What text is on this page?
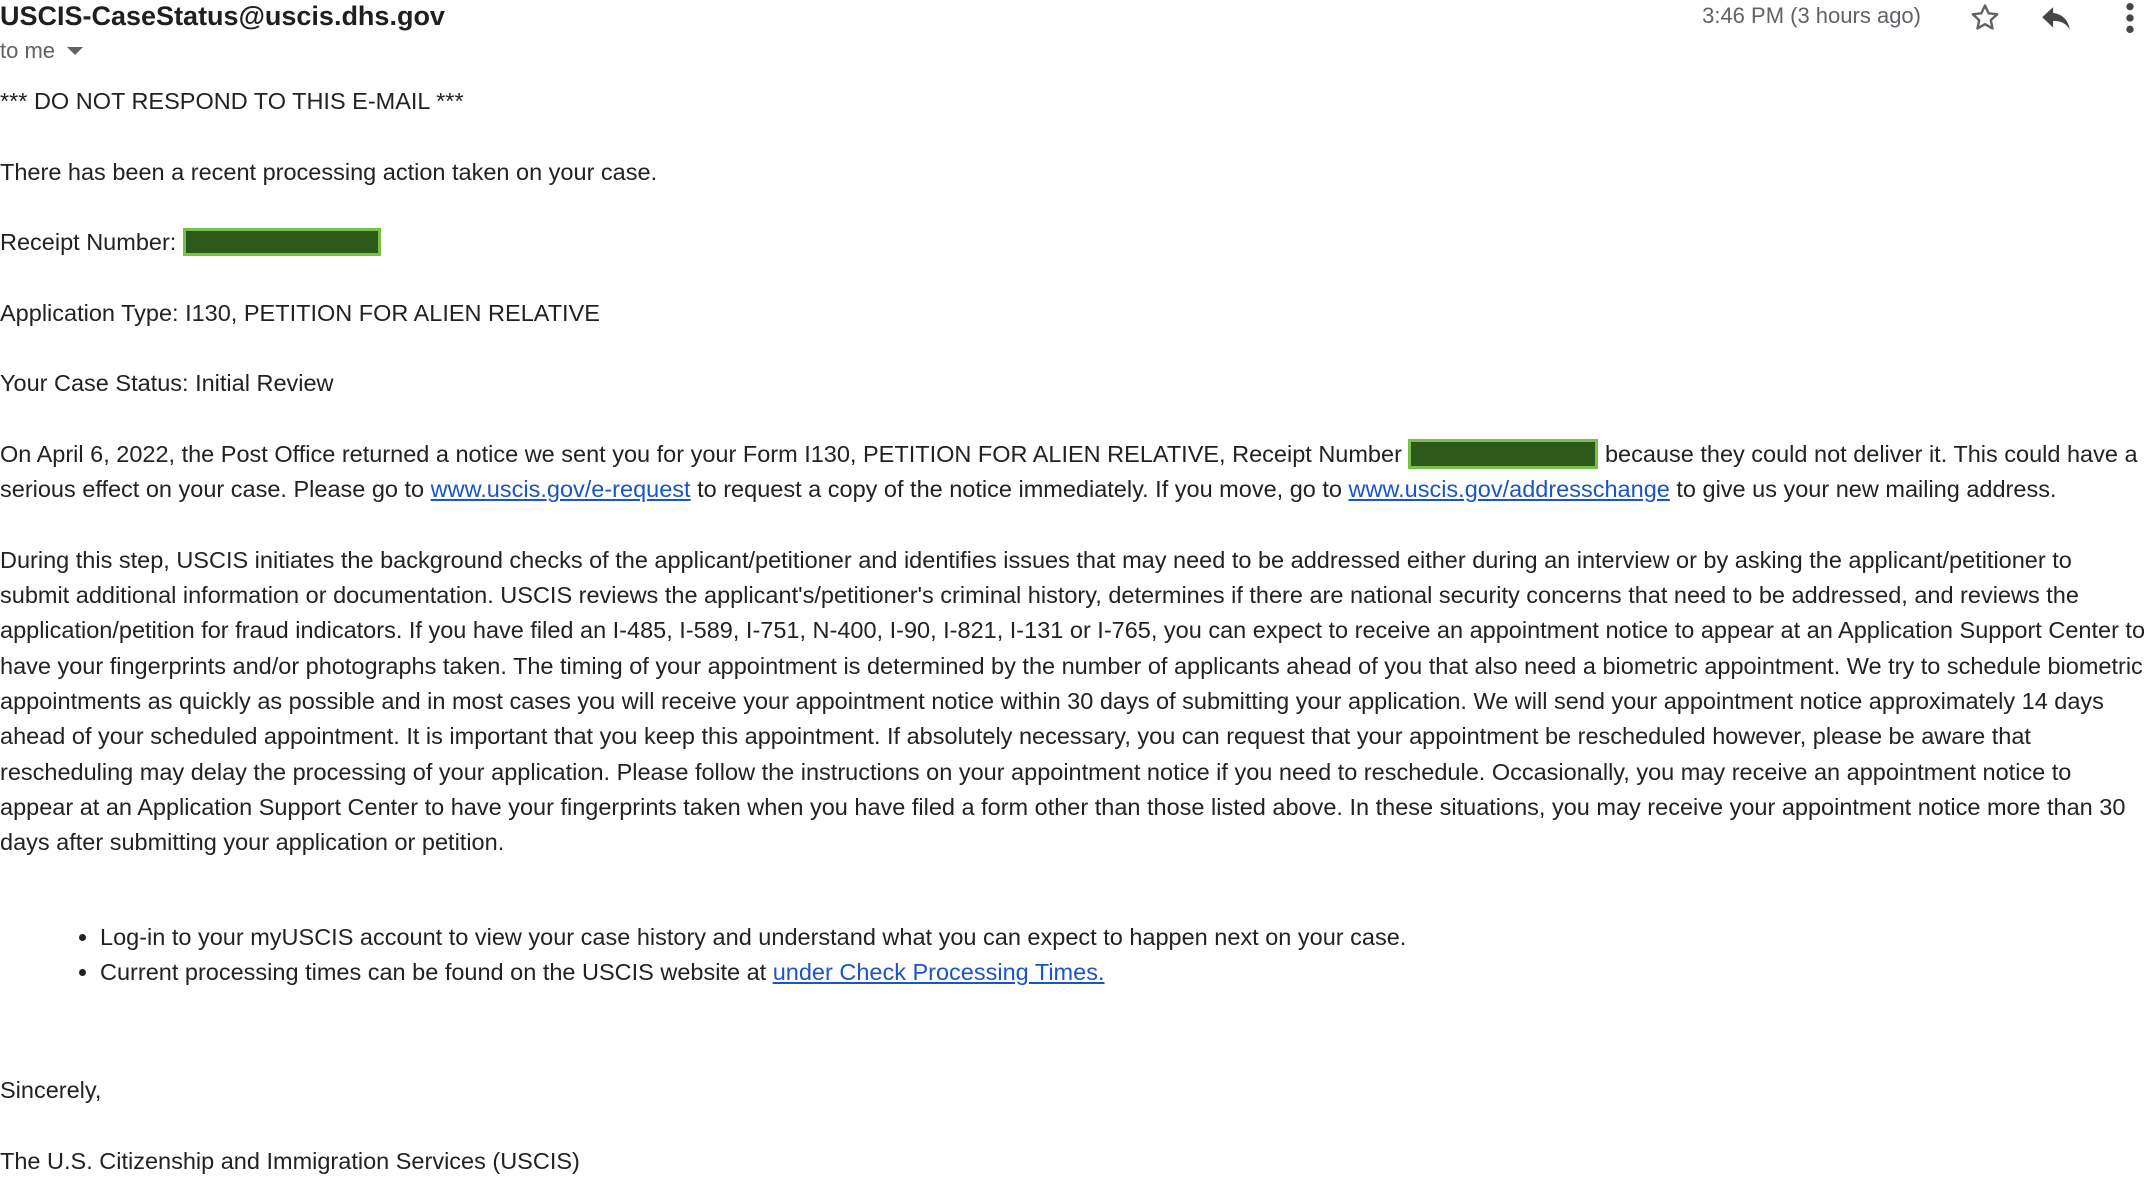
USCIS-CaseStatus@uscis.dhs.gov
to me
3:46 PM (3 hours ago)

*** DO NOT RESPOND TO THIS E-MAIL ***

There has been a recent processing action taken on your case.

Receipt Number:

Application Type: I130, PETITION FOR ALIEN RELATIVE

Your Case Status: Initial Review

On April 6, 2022, the Post Office returned a notice we sent you for your Form I130, PETITION FOR ALIEN RELATIVE, Receipt Number	because they could not deliver it. This could have a serious effect on your case. Please go to www.uscis.gov/e-request to request a copy of the notice immediately. If you move, go to www.uscis.gov/addresschange to give us your new mailing address.

During this step, USCIS initiates the background checks of the applicant/petitioner and identifies issues that may need to be addressed either during an interview or by asking the applicant/petitioner to submit additional information or documentation. USCIS reviews the applicant's/petitioner's criminal history, determines if there are national security concerns that need to be addressed, and reviews the application/petition for fraud indicators. If you have filed an I-485, I-589, I-751, N-400, I-90, I-821, I-131 or I-765, you can expect to receive an appointment notice to appear at an Application Support Center to have your fingerprints and/or photographs taken. The timing of your appointment is determined by the number of applicants ahead of you that also need a biometric appointment. We try to schedule biometric appointments as quickly as possible and in most cases you will receive your appointment notice within 30 days of submitting your application. We will send your appointment notice approximately 14 days ahead of your scheduled appointment. It is important that you keep this appointment. If absolutely necessary, you can request that your appointment be rescheduled however, please be aware that rescheduling may delay the processing of your application. Please follow the instructions on your appointment notice if you need to reschedule. Occasionally, you may receive an appointment notice to appear at an Application Support Center to have your fingerprints taken when you have filed a form other than those listed above. In these situations, you may receive your appointment notice more than 30 days after submitting your application or petition.

• Log-in to your myUSCIS account to view your case history and understand what you can expect to happen next on your case.
• Current processing times can be found on the USCIS website at under Check Processing Times.

Sincerely,

The U.S. Citizenship and Immigration Services (USCIS)
